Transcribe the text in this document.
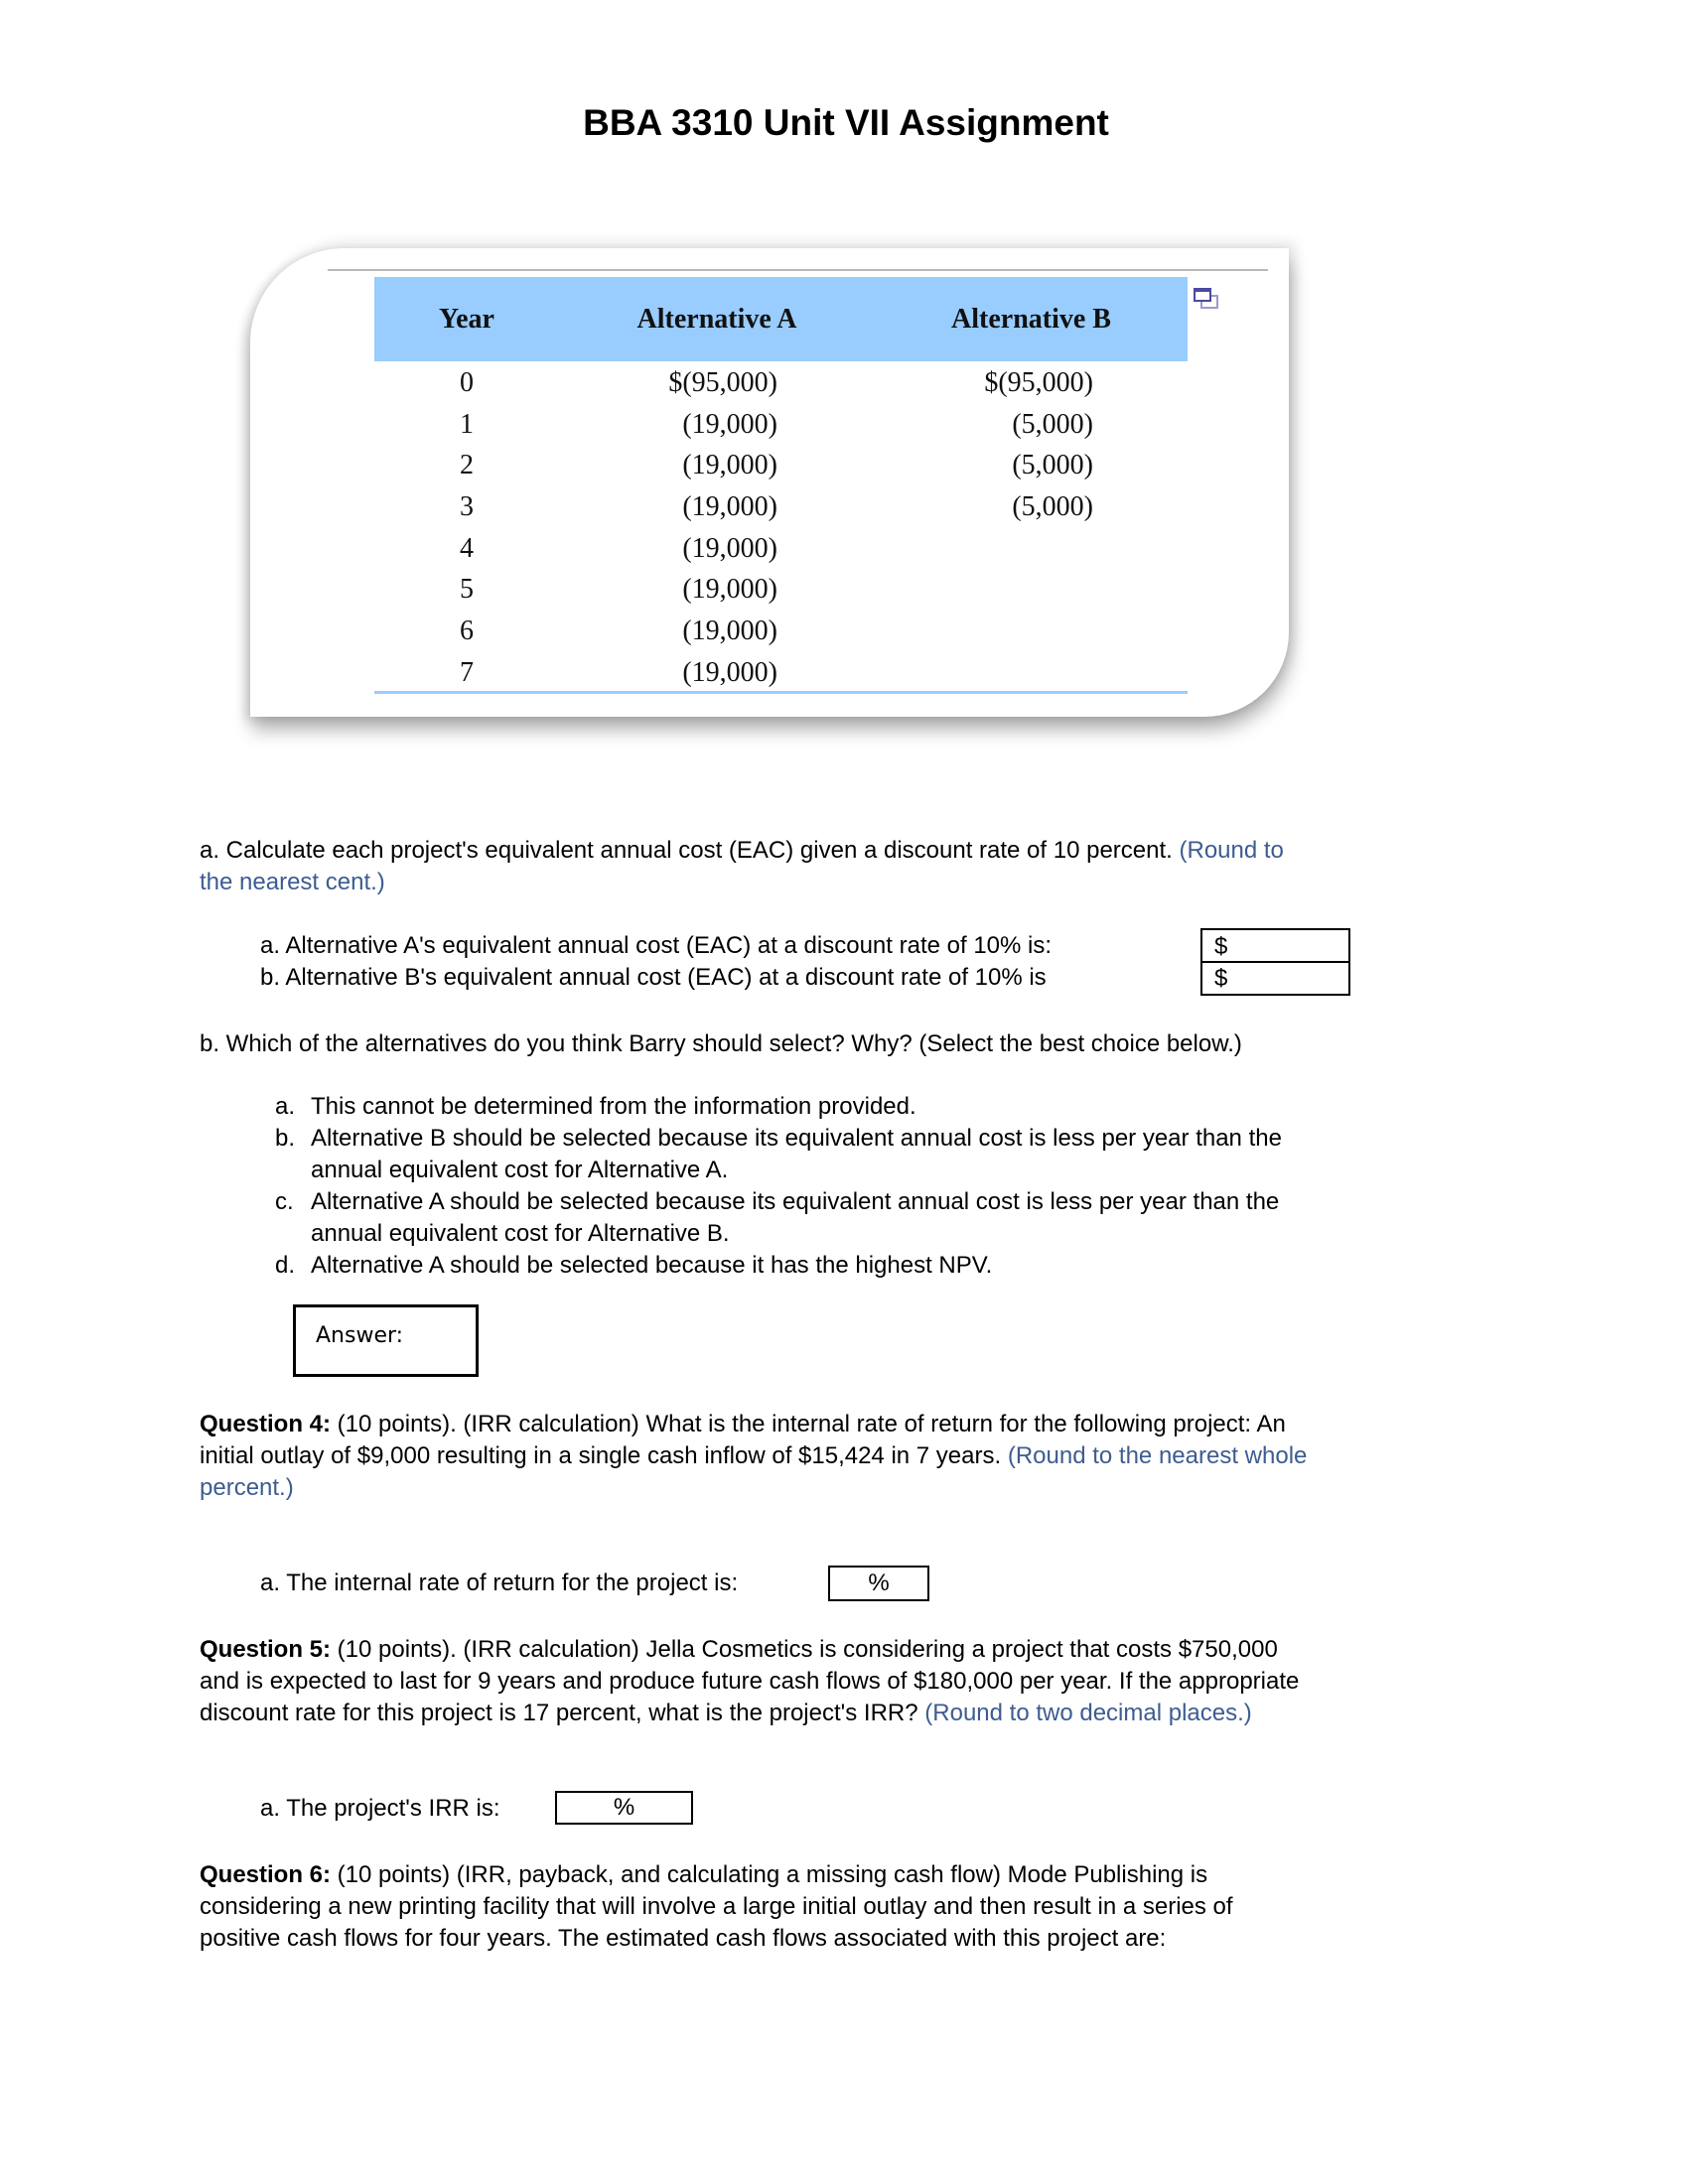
BBA 3310 Unit VII Assignment
Year	Alternative A	Alternative B
0	$(95,000)	$(95,000)
1	(19,000)	(5,000)
2	(19,000)	(5,000)
3	(19,000)	(5,000)
4	(19,000)
5	(19,000)
6	(19,000)
7	(19,000)
a. Calculate each project's equivalent annual cost (EAC) given a discount rate of 10 percent. (Round to
the nearest cent.)
a. Alternative A's equivalent annual cost (EAC) at a discount rate of 10% is:
b. Alternative B's equivalent annual cost (EAC) at a discount rate of 10% is
$
$
b. Which of the alternatives do you think Barry should select? Why? (Select the best choice below.)
a. This cannot be determined from the information provided.
b. Alternative B should be selected because its equivalent annual cost is less per year than the
annual equivalent cost for Alternative A.
c. Alternative A should be selected because its equivalent annual cost is less per year than the
annual equivalent cost for Alternative B.
d. Alternative A should be selected because it has the highest NPV.
Answer:
Question 4: (10 points). (IRR calculation) What is the internal rate of return for the following project: An
initial outlay of $9,000 resulting in a single cash inflow of $15,424 in 7 years. (Round to the nearest whole
percent.)
a. The internal rate of return for the project is:	%
Question 5: (10 points). (IRR calculation) Jella Cosmetics is considering a project that costs $750,000
and is expected to last for 9 years and produce future cash flows of $180,000 per year. If the appropriate
discount rate for this project is 17 percent, what is the project's IRR? (Round to two decimal places.)
a. The project's IRR is:	%
Question 6: (10 points) (IRR, payback, and calculating a missing cash flow) Mode Publishing is
considering a new printing facility that will involve a large initial outlay and then result in a series of
positive cash flows for four years. The estimated cash flows associated with this project are:
